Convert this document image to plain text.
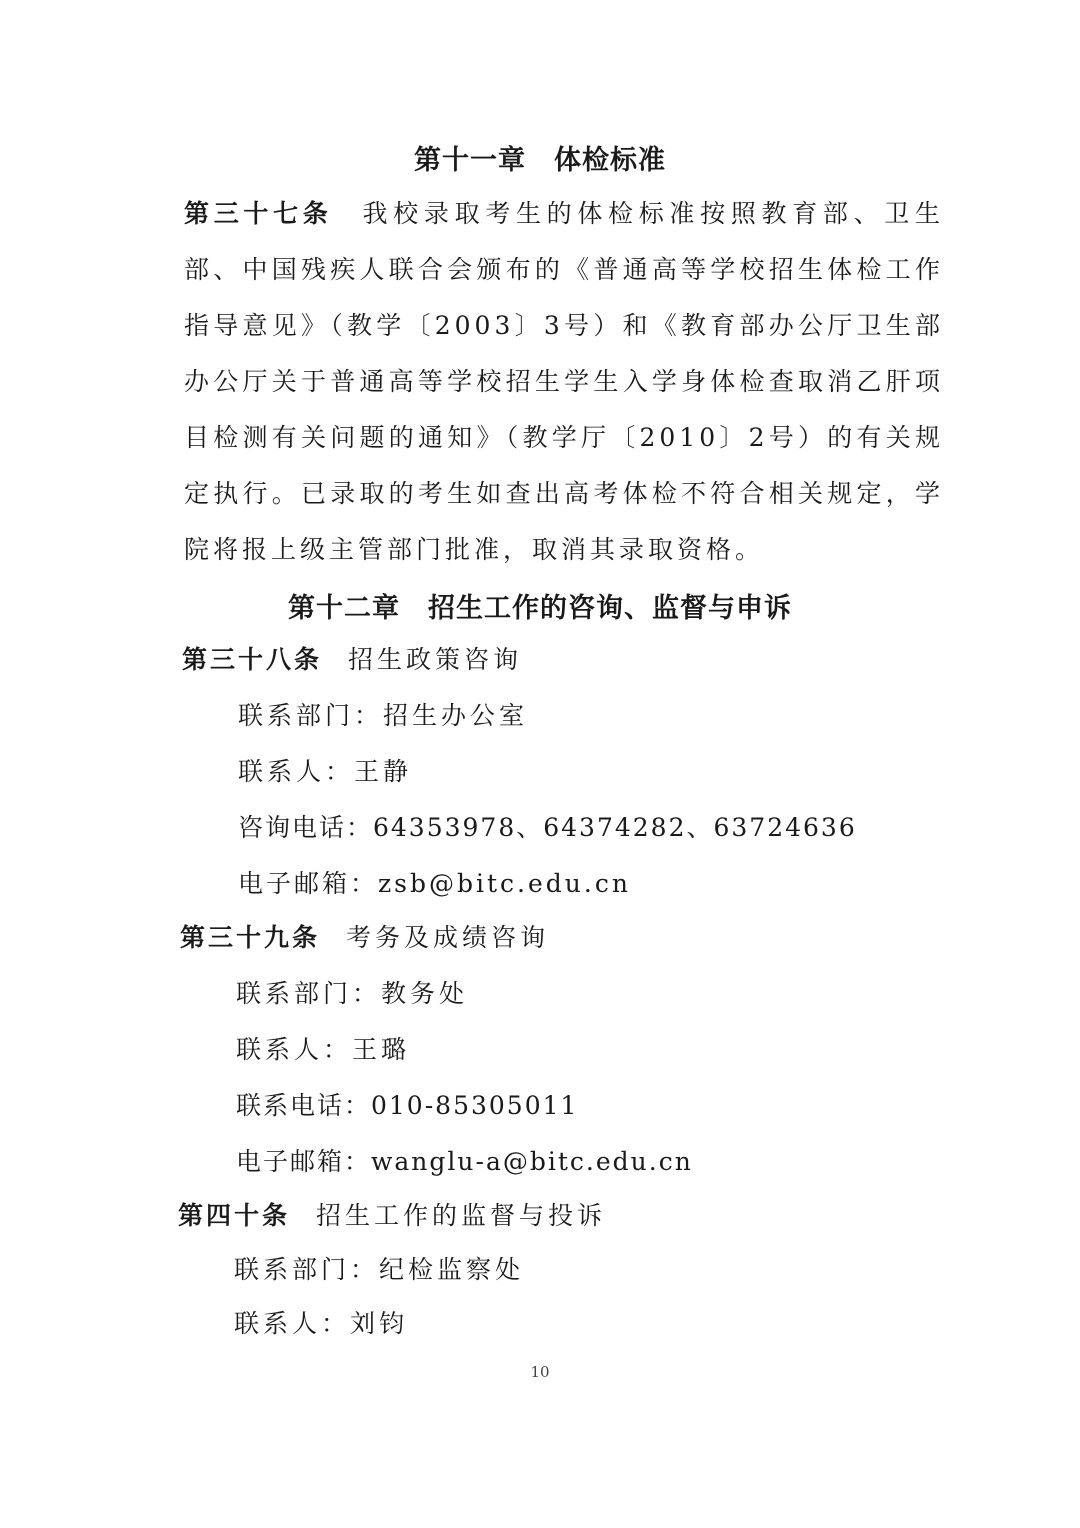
第十一章　体检标准
第三十七条 我校录取考生的体检标准按照教育部、卫生部、中国残疾人联合会颁布的《普通高等学校招生体检工作指导意见》（教学〔2003〕3号）和《教育部办公厅卫生部办公厅关于普通高等学校招生学生入学身体检查取消乙肝项目检测有关问题的通知》（教学厅〔2010〕2号）的有关规定执行。已录取的考生如查出高考体检不符合相关规定，学院将报上级主管部门批准，取消其录取资格。
第十二章　招生工作的咨询、监督与申诉
第三十八条 招生政策咨询
联系部门：招生办公室
联系人：王静
咨询电话：64353978、64374282、63724636
电子邮箱：zsb@bitc.edu.cn
第三十九条 考务及成绩咨询
联系部门：教务处
联系人：王璐
联系电话：010-85305011
电子邮箱：wanglu-a@bitc.edu.cn
第四十条 招生工作的监督与投诉
联系部门：纪检监察处
联系人：刘钧
10
